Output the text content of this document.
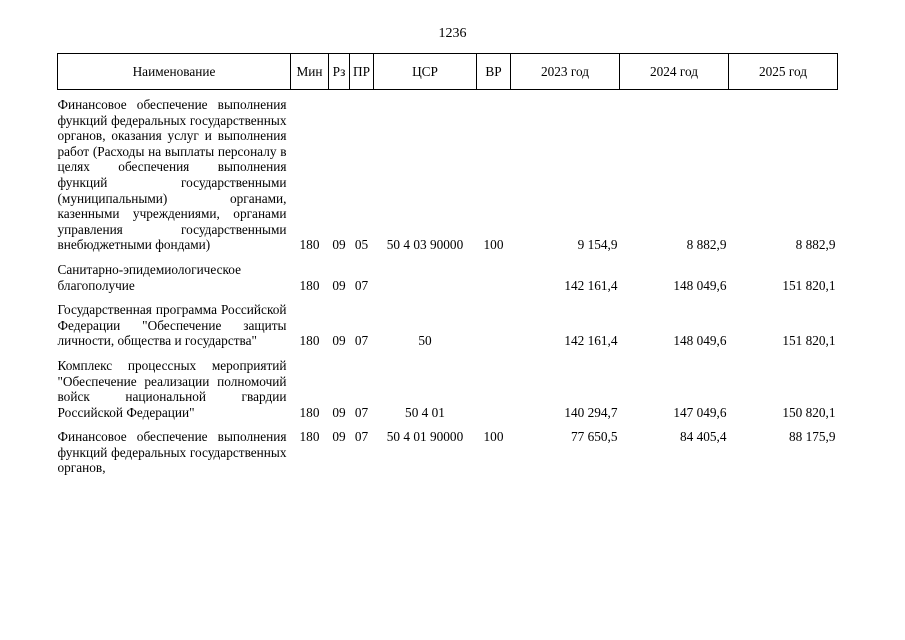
1236
Наименование	Мин	Рз	ПР	ЦСР	ВР	2023 год	2024 год	2025 год
Финансовое обеспечение выполнения функций федеральных государственных органов, оказания услуг и выполнения работ (Расходы на выплаты персоналу в целях обеспечения выполнения функций государственными (муниципальными) органами, казенными учреждениями, органами управления государственными внебюджетными фондами)	180	09	05	50 4 03 90000	100	9 154,9	8 882,9	8 882,9
Санитарно-эпидемиологическое благополучие	180	09	07			142 161,4	148 049,6	151 820,1
Государственная программа Российской Федерации "Обеспечение защиты личности, общества и государства"	180	09	07	50		142 161,4	148 049,6	151 820,1
Комплекс процессных мероприятий "Обеспечение реализации полномочий войск национальной гвардии Российской Федерации"	180	09	07	50 4 01		140 294,7	147 049,6	150 820,1
Финансовое обеспечение выполнения функций федеральных государственных органов,	180	09	07	50 4 01 90000	100	77 650,5	84 405,4	88 175,9
